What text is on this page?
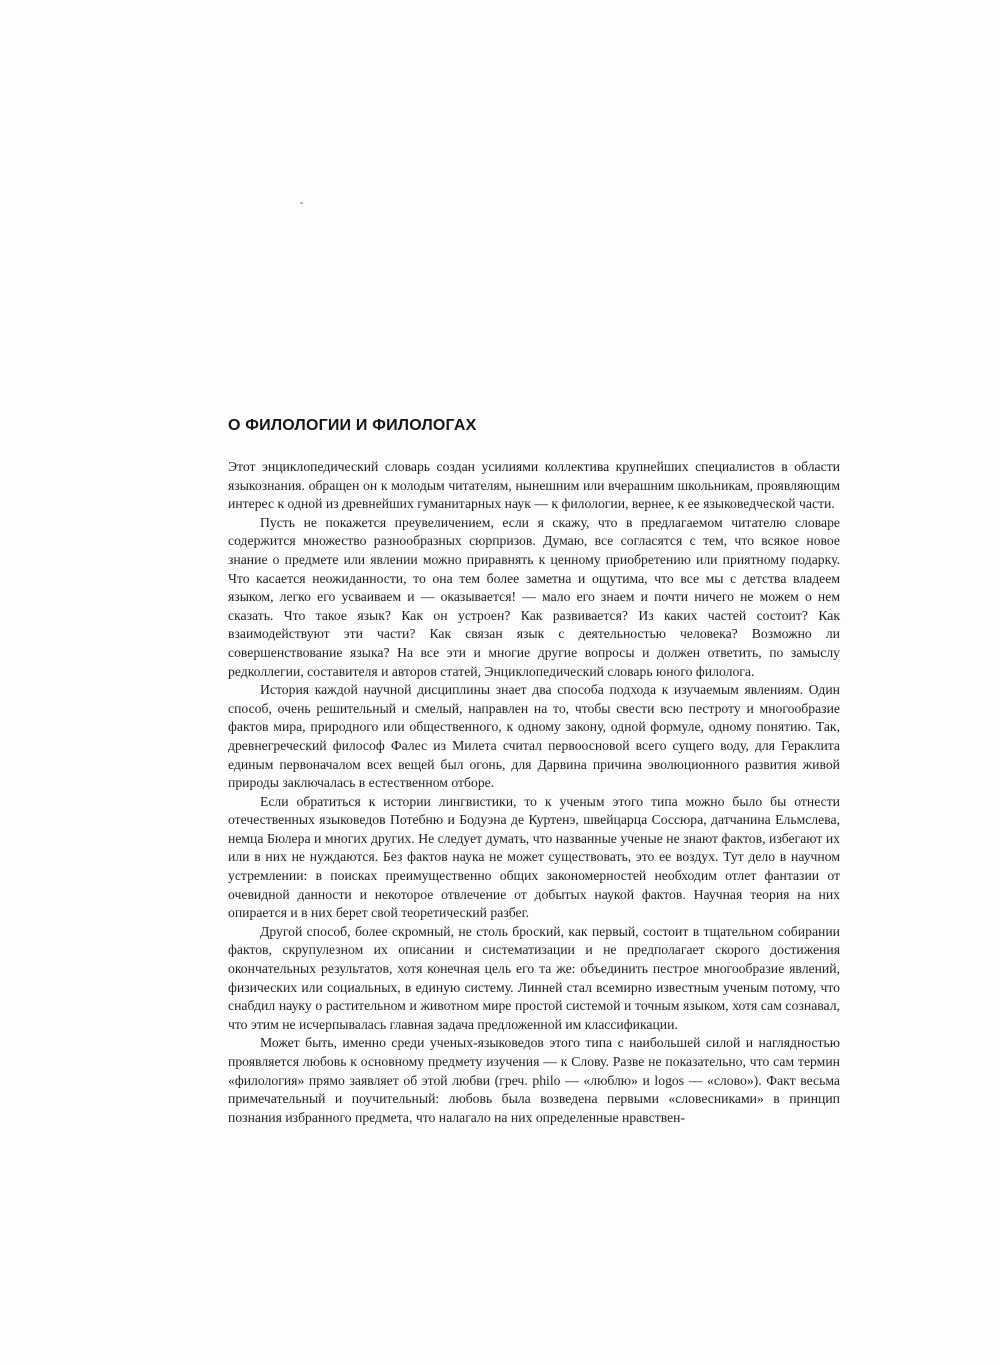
О ФИЛОЛОГИИ И ФИЛОЛОГАХ

Этот энциклопедический словарь создан усилиями коллектива крупнейших специалистов в области языкознания. обращен он к молодым читателям, нынешним или вчерашним школьникам, проявляющим интерес к одной из древнейших гуманитарных наук — к филологии, вернее, к ее языковедческой части.

Пусть не покажется преувеличением, если я скажу, что в предлагаемом читателю словаре содержится множество разнообразных сюрпризов. Думаю, все согласятся с тем, что всякое новое знание о предмете или явлении можно приравнять к ценному приобретению или приятному подарку. Что касается неожиданности, то она тем более заметна и ощутима, что все мы с детства владеем языком, легко его усваиваем и — оказывается! — мало его знаем и почти ничего не можем о нем сказать. Что такое язык? Как он устроен? Как развивается? Из каких частей состоит? Как взаимодействуют эти части? Как связан язык с деятельностью человека? Возможно ли совершенствование языка? На все эти и многие другие вопросы и должен ответить, по замыслу редколлегии, составителя и авторов статей, Энциклопедический словарь юного филолога.

История каждой научной дисциплины знает два способа подхода к изучаемым явлениям. Один способ, очень решительный и смелый, направлен на то, чтобы свести всю пестроту и многообразие фактов мира, природного или общественного, к одному закону, одной формуле, одному понятию. Так, древнегреческий философ Фалес из Милета считал первоосновой всего сущего воду, для Гераклита единым первоначалом всех вещей был огонь, для Дарвина причина эволюционного развития живой природы заключалась в естественном отборе.

Если обратиться к истории лингвистики, то к ученым этого типа можно было бы отнести отечественных языковедов Потебню и Бодуэна де Куртенэ, швейцарца Соссюра, датчанина Ельмслева, немца Бюлера и многих других. Не следует думать, что названные ученые не знают фактов, избегают их или в них не нуждаются. Без фактов наука не может существовать, это ее воздух. Тут дело в научном устремлении: в поисках преимущественно общих закономерностей необходим отлет фантазии от очевидной данности и некоторое отвлечение от добытых наукой фактов. Научная теория на них опирается и в них берет свой теоретический разбег.

Другой способ, более скромный, не столь броский, как первый, состоит в тщательном собирании фактов, скрупулезном их описании и систематизации и не предполагает скорого достижения окончательных результатов, хотя конечная цель его та же: объединить пестрое многообразие явлений, физических или социальных, в единую систему. Линней стал всемирно известным ученым потому, что снабдил науку о растительном и животном мире простой системой и точным языком, хотя сам сознавал, что этим не исчерпывалась главная задача предложенной им классификации.

Может быть, именно среди ученых-языковедов этого типа с наибольшей силой и наглядностью проявляется любовь к основному предмету изучения — к Слову. Разве не показательно, что сам термин «филология» прямо заявляет об этой любви (греч. philo — «люблю» и logos — «слово»). Факт весьма примечательный и поучительный: любовь была возведена первыми «словесниками» в принцип познания избранного предмета, что налагало на них определенные нравствен-
